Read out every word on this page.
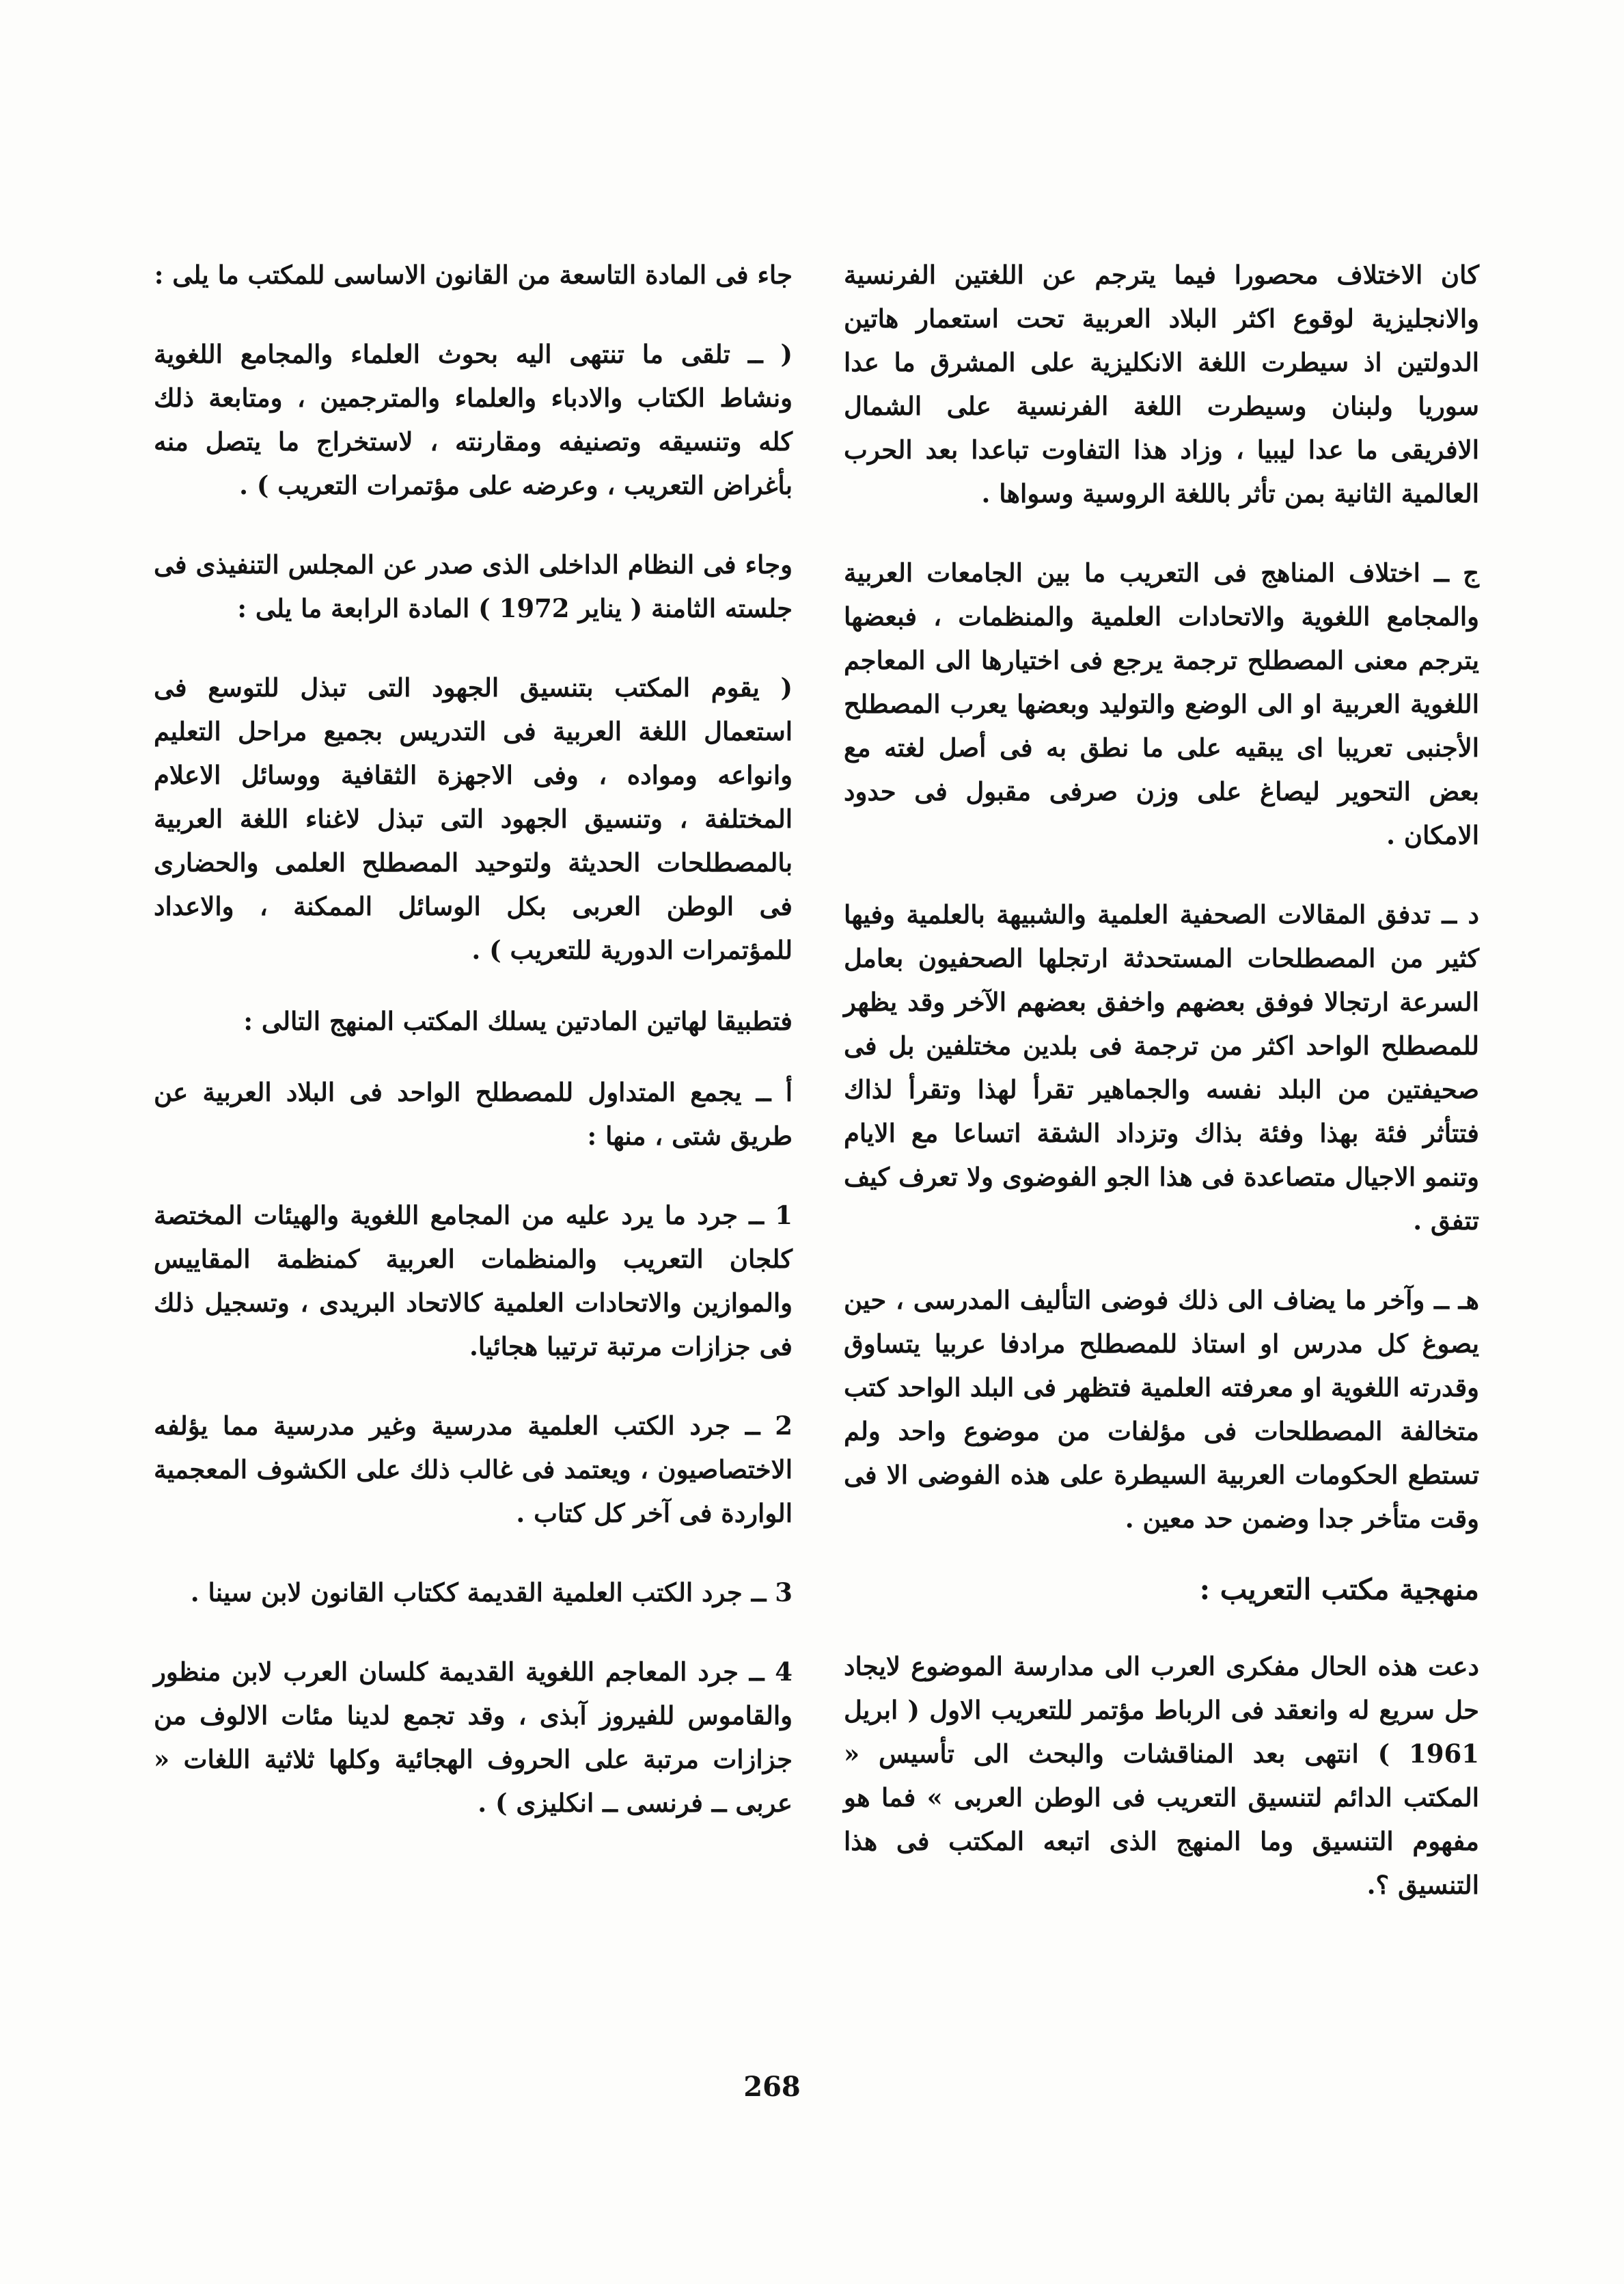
كان الاختلاف محصورا فيما يترجم عن اللغتين الفرنسية والانجليزية لوقوع اكثر البلاد العربية تحت استعمار هاتين الدولتين اذ سيطرت اللغة الانكليزية على المشرق ما عدا سوريا ولبنان وسيطرت اللغة الفرنسية على الشمال الافريقى ما عدا ليبيا ، وزاد هذا التفاوت تباعدا بعد الحرب العالمية الثانية بمن تأثر باللغة الروسية وسواها .

ج ــ اختلاف المناهج فى التعريب ما بين الجامعات العربية والمجامع اللغوية والاتحادات العلمية والمنظمات ، فبعضها يترجم معنى المصطلح ترجمة يرجع فى اختيارها الى المعاجم اللغوية العربية او الى الوضع والتوليد وبعضها يعرب المصطلح الأجنبى تعريبا اى يبقيه على ما نطق به فى أصل لغته مع بعض التحوير ليصاغ على وزن صرفى مقبول فى حدود الامكان .

د ــ تدفق المقالات الصحفية العلمية والشبيهة بالعلمية وفيها كثير من المصطلحات المستحدثة ارتجلها الصحفيون بعامل السرعة ارتجالا فوفق بعضهم واخفق بعضهم الآخر وقد يظهر للمصطلح الواحد اكثر من ترجمة فى بلدين مختلفين بل فى صحيفتين من البلد نفسه والجماهير تقرأ لهذا وتقرأ لذاك فتتأثر فئة بهذا وفئة بذاك وتزداد الشقة اتساعا مع الايام وتنمو الاجيال متصاعدة فى هذا الجو الفوضوى ولا تعرف كيف تتفق .

هـ ــ وآخر ما يضاف الى ذلك فوضى التأليف المدرسى ، حين يصوغ كل مدرس او استاذ للمصطلح مرادفا عربيا يتساوق وقدرته اللغوية او معرفته العلمية فتظهر فى البلد الواحد كتب متخالفة المصطلحات فى مؤلفات من موضوع واحد ولم تستطع الحكومات العربية السيطرة على هذه الفوضى الا فى وقت متأخر جدا وضمن حد معين .

منهجية مكتب التعريب :

دعت هذه الحال مفكرى العرب الى مدارسة الموضوع لايجاد حل سريع له وانعقد فى الرباط مؤتمر للتعريب الاول ( ابريل 1961 ) انتهى بعد المناقشات والبحث الى تأسيس « المكتب الدائم لتنسيق التعريب فى الوطن العربى » فما هو مفهوم التنسيق وما المنهج الذى اتبعه المكتب فى هذا التنسيق ؟.

جاء فى المادة التاسعة من القانون الاساسى للمكتب ما يلى :

( ــ تلقى ما تنتهى اليه بحوث العلماء والمجامع اللغوية ونشاط الكتاب والادباء والعلماء والمترجمين ، ومتابعة ذلك كله وتنسيقه وتصنيفه ومقارنته ، لاستخراج ما يتصل منه بأغراض التعريب ، وعرضه على مؤتمرات التعريب ) .

وجاء فى النظام الداخلى الذى صدر عن المجلس التنفيذى فى جلسته الثامنة ( يناير 1972 ) المادة الرابعة ما يلى :

( يقوم المكتب بتنسيق الجهود التى تبذل للتوسع فى استعمال اللغة العربية فى التدريس بجميع مراحل التعليم وانواعه ومواده ، وفى الاجهزة الثقافية ووسائل الاعلام المختلفة ، وتنسيق الجهود التى تبذل لاغناء اللغة العربية بالمصطلحات الحديثة ولتوحيد المصطلح العلمى والحضارى فى الوطن العربى بكل الوسائل الممكنة ، والاعداد للمؤتمرات الدورية للتعريب ) .

فتطبيقا لهاتين المادتين يسلك المكتب المنهج التالى :

أ ــ يجمع المتداول للمصطلح الواحد فى البلاد العربية عن طريق شتى ، منها :

1 ــ جرد ما يرد عليه من المجامع اللغوية والهيئات المختصة كلجان التعريب والمنظمات العربية كمنظمة المقاييس والموازين والاتحادات العلمية كالاتحاد البريدى ، وتسجيل ذلك فى جزازات مرتبة ترتيبا هجائيا.

2 ــ جرد الكتب العلمية مدرسية وغير مدرسية مما يؤلفه الاختصاصيون ، ويعتمد فى غالب ذلك على الكشوف المعجمية الواردة فى آخر كل كتاب .

3 ــ جرد الكتب العلمية القديمة ككتاب القانون لابن سينا .

4 ــ جرد المعاجم اللغوية القديمة كلسان العرب لابن منظور والقاموس للفيروز آبذى ، وقد تجمع لدينا مئات الالوف من جزازات مرتبة على الحروف الهجائية وكلها ثلاثية اللغات « عربى ــ فرنسى ــ انكليزى ) .

268
